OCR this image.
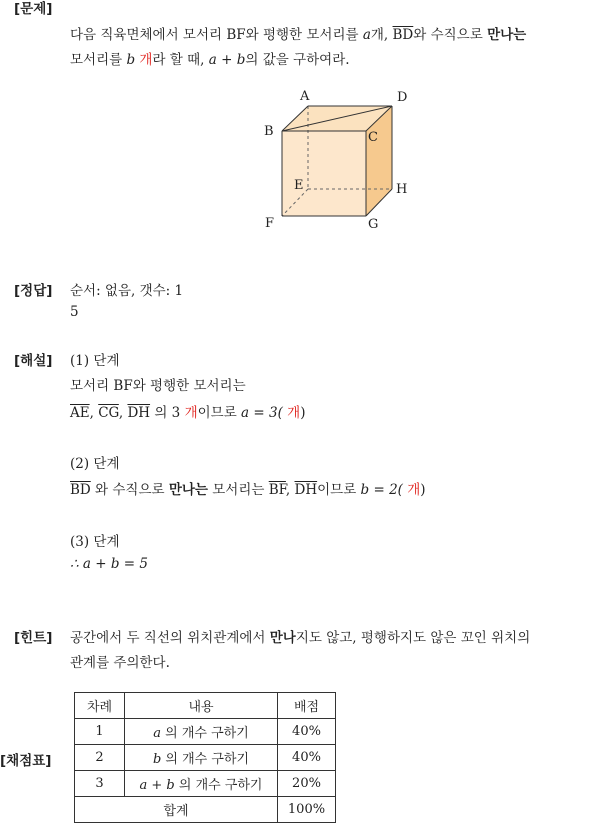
[문제]
다음 직육면체에서 모서리 BF와 평행한 모서리를 a개, $\overline{BD}$와 수직으로 만나는
모서리를 b 개라 할 때, a + b의 값을 구하여라.
A	D
B	C
E	H
F	G
[정답] 순서: 없음, 갯수: 1
5
[해설] (1) 단계
모서리 BF와 평행한 모서리는
$\overline{AE}$, $\overline{CG}$, $\overline{DH}$ 의 3 개이므로 a = 3( 개)
(2) 단계
$\overline{BD}$ 와 수직으로 만나는 모서리는 $\overline{BF}$, $\overline{DH}$이므로 b = 2( 개)
(3) 단계
∴ a + b = 5
[힌트] 공간에서 두 직선의 위치관계에서 만나지도 않고, 평행하지도 않은 꼬인 위치의
관계를 주의한다.
[채점표]
차례	내용	배점
1	a 의 개수 구하기	40%
2	b 의 개수 구하기	40%
3	a + b 의 개수 구하기	20%
합계		100%
